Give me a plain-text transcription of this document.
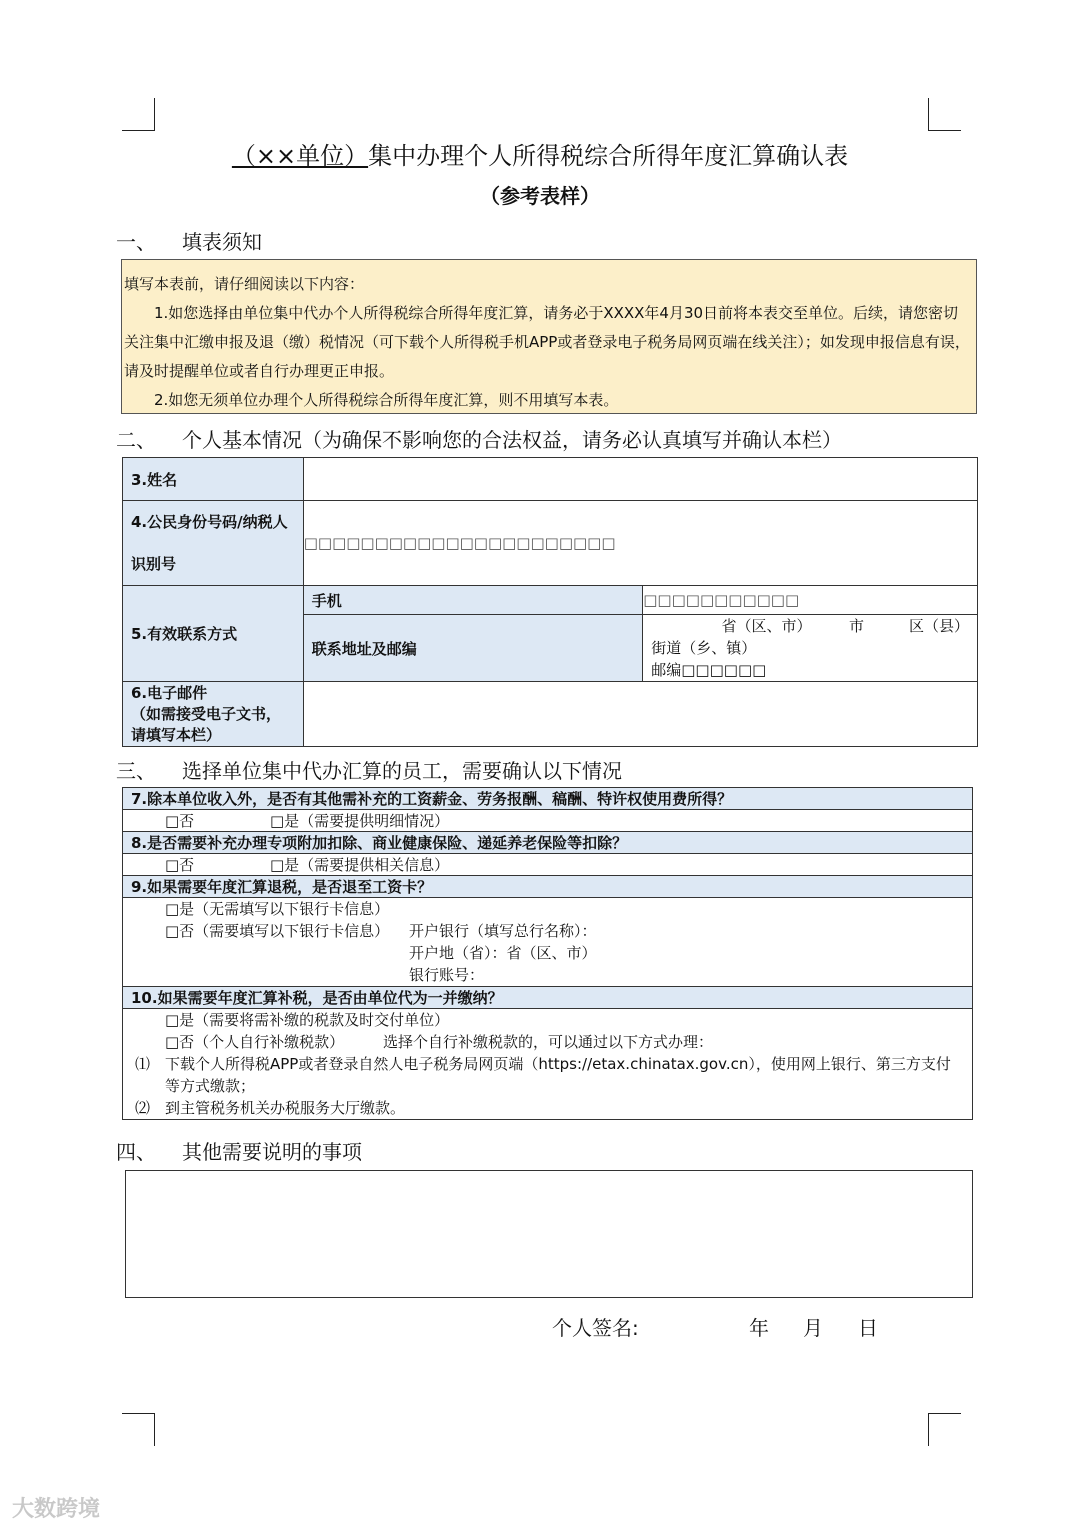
（××单位）集中办理个人所得税综合所得年度汇算确认表
（参考表样）
一、 填表须知

填写本表前，请仔细阅读以下内容：

1.如您选择由单位集中代办个人所得税综合所得年度汇算，请务必于XXXX年4月30日前将本表交至单位。后续，请您密切关注集中汇缴申报及退（缴）税情况（可下载个人所得税手机APP或者登录电子税务局网页端在线关注）；如发现申报信息有误，请及时提醒单位或者自行办理更正申报。

2.如您无须单位办理个人所得税综合所得年度汇算，则不用填写本表。

二、 个人基本情况（为确保不影响您的合法权益，请务必认真填写并确认本栏）
3.姓名		

4.公民身份号码/纳税人
识别号	□□□□□□□□□□□□□□□□□□□□□□	
5.有效联系方式	手机	□□□□□□□□□□□
	联系地址及邮编	省（区、市）　　　市　　　区（县）
街道（乡、镇）
邮编□□□□□□

6.电子邮件
（如需接受电子文书，
请填写本栏）		

三、 选择单位集中代办汇算的员工，需要确认以下情况
7.除本单位收入外，是否有其他需补充的工资薪金、劳务报酬、稿酬、特许权使用费所得？
□否	□是（需要提供明细情况）
8.是否需要补充办理专项附加扣除、商业健康保险、递延养老保险等扣除？
□否	□是（需要提供相关信息）
9.如果需要年度汇算退税，是否退至工资卡？

□是（无需填写以下银行卡信息）
□否（需要填写以下银行卡信息） 开户银行（填写总行名称）：
开户地（省）：省（区、市）
银行账号：

10.如果需要年度汇算补税，是否由单位代为一并缴纳？

□是（需要将需补缴的税款及时交付单位）
□否（个人自行补缴税款）	选择个自行补缴税款的，可以通过以下方式办理：
⑴ 下载个人所得税APP或者登录自然人电子税务局网页端（https://etax.chinatax.gov.cn），使用网上银行、第三方支付等方式缴款；
⑵ 到主管税务机关办税服务大厅缴款。
四、 其他需要说明的事项
个人签名:	年 月 日
大数跨境
